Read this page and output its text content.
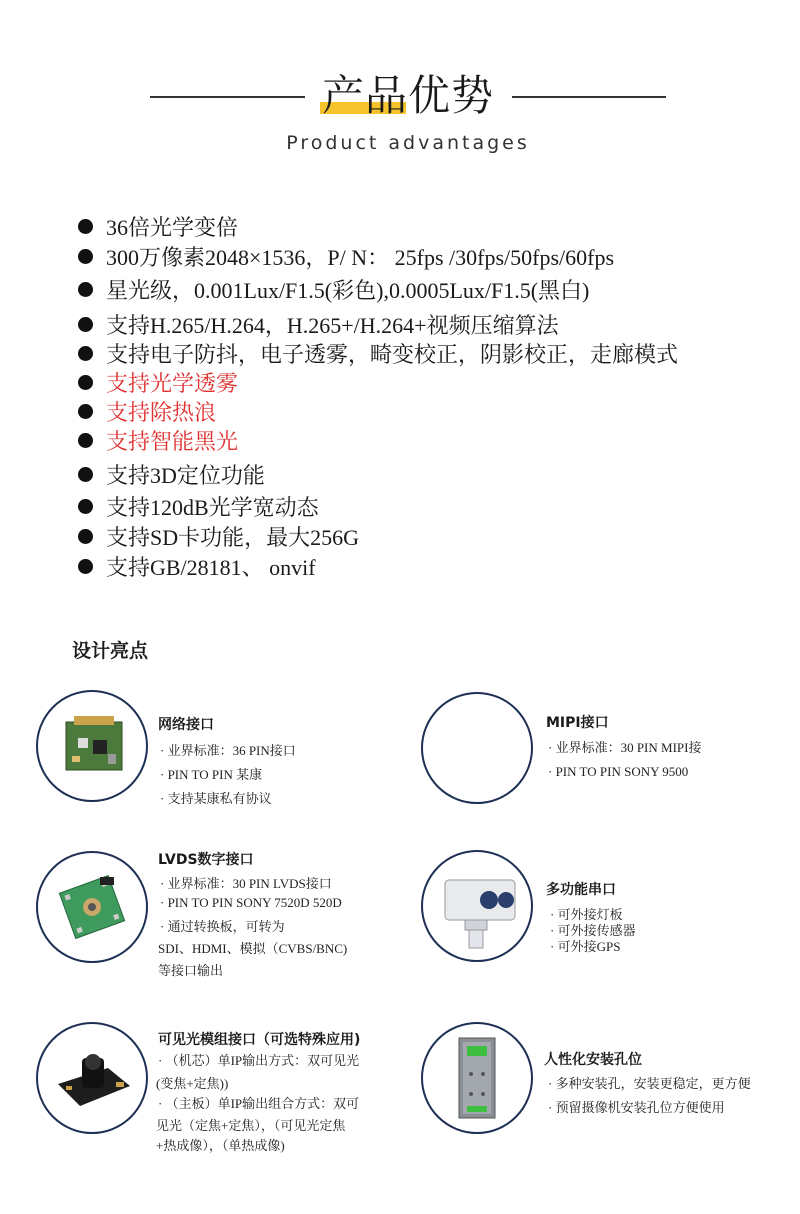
产品优势
Product advantages
36倍光学变倍
300万像素2048×1536，P/ N： 25fps /30fps/50fps/60fps
星光级，0.001Lux/F1.5(彩色),0.0005Lux/F1.5(黑白)
支持H.265/H.264，H.265+/H.264+视频压缩算法
支持电子防抖，电子透雾，畸变校正，阴影校正，走廊模式
支持光学透雾
支持除热浪
支持智能黑光
支持3D定位功能
支持120dB光学宽动态
支持SD卡功能，最大256G
支持GB/28181、 onvif
设计亮点
网络接口
· 业界标准：36 PIN接口
· PIN TO PIN 某康
· 支持某康私有协议
MIPI接口
· 业界标准：30 PIN MIPI接
· PIN TO PIN SONY 9500
LVDS数字接口
· 业界标准：30 PIN LVDS接口
· PIN TO PIN SONY 7520D 520D
· 通过转换板，可转为
SDI、HDMI、模拟（CVBS/BNC)
等接口输出
多功能串口
· 可外接灯板
· 可外接传感器
· 可外接GPS
可见光模组接口（可选特殊应用)
· （机芯）单IP输出方式：双可见光
(变焦+定焦))
· （主板）单IP输出组合方式：双可
见光（定焦+定焦），（可见光定焦
+热成像），（单热成像)
人性化安装孔位
· 多种安装孔，安装更稳定，更方便
· 预留摄像机安装孔位方便使用
